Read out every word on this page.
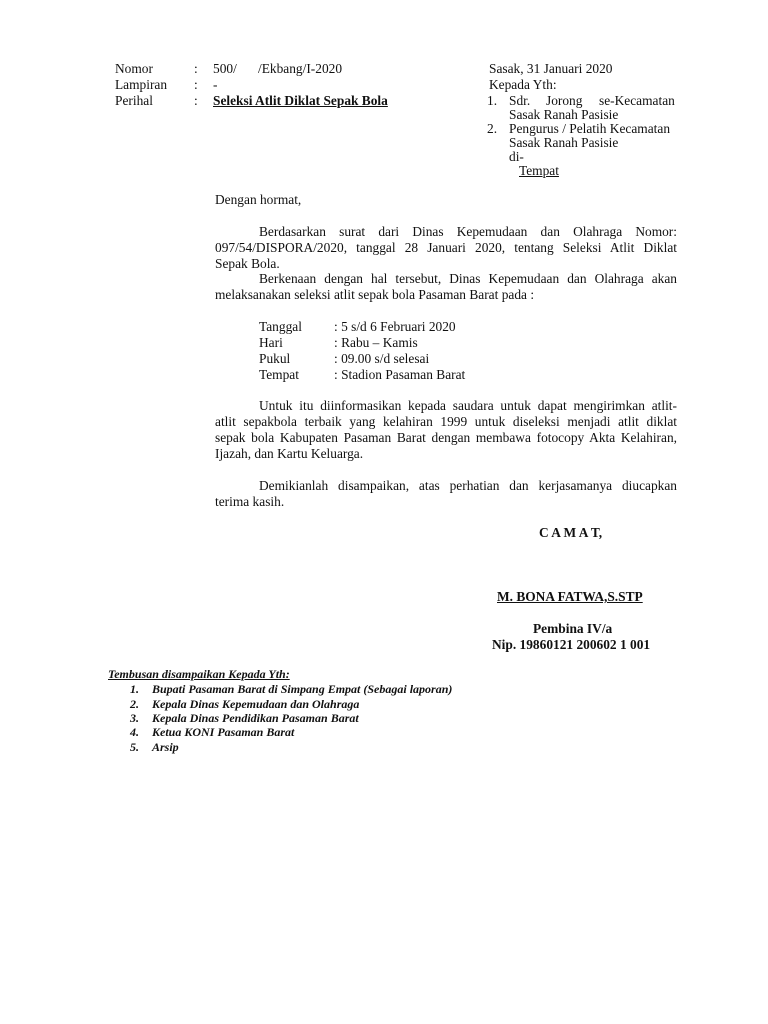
Nomor	: 500/ /Ekbang/I-2020
Lampiran : -
Perihal	: Seleksi Atlit Diklat Sepak Bola
Sasak, 31 Januari 2020
Kepada Yth:
1. Sdr. Jorong se-Kecamatan
Sasak Ranah Pasisie
2. Pengurus / Pelatih Kecamatan
Sasak Ranah Pasisie
di-
Tempat
Dengan hormat,
Berdasarkan surat dari Dinas Kepemudaan dan Olahraga Nomor:
097/54/DISPORA/2020, tanggal 28 Januari 2020, tentang Seleksi Atlit Diklat
Sepak Bola.
Berkenaan dengan hal tersebut, Dinas Kepemudaan dan Olahraga akan
melaksanakan seleksi atlit sepak bola Pasaman Barat pada :
Tanggal : 5 s/d 6 Februari 2020
Hari	: Rabu – Kamis
Pukul	: 09.00 s/d selesai
Tempat	: Stadion Pasaman Barat
Untuk itu diinformasikan kepada saudara untuk dapat mengirimkan atlit-
atlit sepakbola terbaik yang kelahiran 1999 untuk diseleksi menjadi atlit diklat
sepak bola Kabupaten Pasaman Barat dengan membawa fotocopy Akta Kelahiran,
Ijazah, dan Kartu Keluarga.
Demikianlah disampaikan, atas perhatian dan kerjasamanya diucapkan
terima kasih.
C A M A T,
M. BONA FATWA,S.STP
Pembina IV/a
Nip. 19860121 200602 1 001
Tembusan disampaikan Kepada Yth:
1. Bupati Pasaman Barat di Simpang Empat (Sebagai laporan)
2. Kepala Dinas Kepemudaan dan Olahraga
3. Kepala Dinas Pendidikan Pasaman Barat
4. Ketua KONI Pasaman Barat
5. Arsip
